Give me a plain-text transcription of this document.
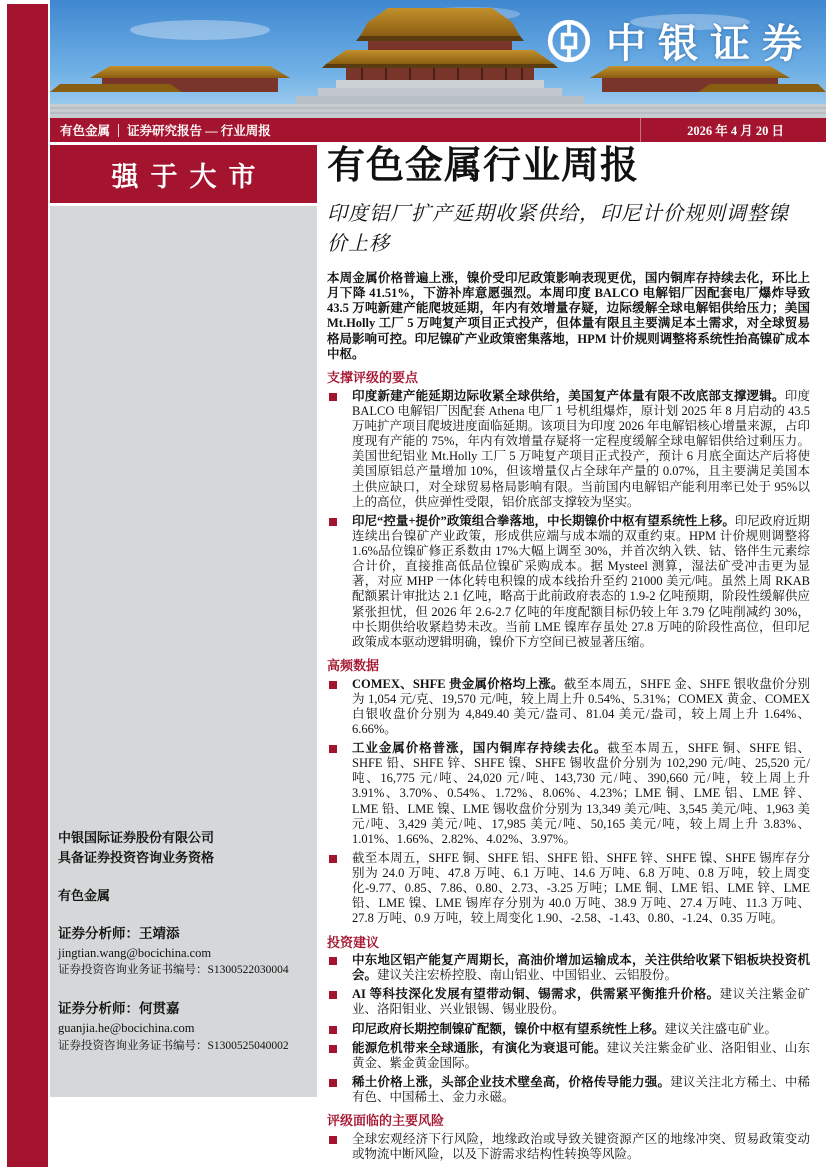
中银证券
有色金属 证券研究报告 — 行业周报	2026 年 4 月 20 日
强于大市
中银国际证券股份有限公司
具备证券投资咨询业务资格
有色金属
证券分析师：王靖添
jingtian.wang@bocichina.com
证券投资咨询业务证书编号：S1300522030004
证券分析师：何贯嘉
guanjia.he@bocichina.com
证券投资咨询业务证书编号：S1300525040002
有色金属行业周报
印度铝厂扩产延期收紧供给，印尼计价规则调整镍价上移

本周金属价格普遍上涨，镍价受印尼政策影响表现更优，国内铜库存持续去化，环比上月下降 41.51%，下游补库意愿强烈。本周印度 BALCO 电解铝厂因配套电厂爆炸导致 43.5 万吨新建产能爬坡延期，年内有效增量存疑，边际缓解全球电解铝供给压力；美国 Mt.Holly 工厂 5 万吨复产项目正式投产，但体量有限且主要满足本土需求，对全球贸易格局影响可控。印尼镍矿产业政策密集落地，HPM 计价规则调整将系统性抬高镍矿成本中枢。

支撑评级的要点
印度新建产能延期边际收紧全球供给，美国复产体量有限不改底部支撑逻辑。印度 BALCO 电解铝厂因配套 Athena 电厂 1 号机组爆炸，原计划 2025 年 8 月启动的 43.5 万吨扩产项目爬坡进度面临延期。该项目为印度 2026 年电解铝核心增量来源，占印度现有产能的 75%，年内有效增量存疑将一定程度缓解全球电解铝供给过剩压力。美国世纪铝业 Mt.Holly 工厂 5 万吨复产项目正式投产，预计 6 月底全面达产后将使美国原铝总产量增加 10%，但该增量仅占全球年产量的 0.07%，且主要满足美国本土供应缺口，对全球贸易格局影响有限。当前国内电解铝产能利用率已处于 95%以上的高位，供应弹性受限，铝价底部支撑较为坚实。
印尼“控量+提价”政策组合拳落地，中长期镍价中枢有望系统性上移。印尼政府近期连续出台镍矿产业政策，形成供应端与成本端的双重约束。HPM 计价规则调整将 1.6%品位镍矿修正系数由 17%大幅上调至 30%，并首次纳入铁、钴、铬伴生元素综合计价，直接推高低品位镍矿采购成本。据 Mysteel 测算，湿法矿受冲击更为显著，对应 MHP 一体化转电积镍的成本线抬升至约 21000 美元/吨。虽然上周 RKAB 配额累计审批达 2.1 亿吨，略高于此前政府表态的 1.9-2 亿吨预期，阶段性缓解供应紧张担忧，但 2026 年 2.6-2.7 亿吨的年度配额目标仍较上年 3.79 亿吨削减约 30%，中长期供给收紧趋势未改。当前 LME 镍库存虽处 27.8 万吨的阶段性高位，但印尼政策成本驱动逻辑明确，镍价下方空间已被显著压缩。
高频数据
COMEX、SHFE 贵金属价格均上涨。截至本周五，SHFE 金、SHFE 银收盘价分别为 1,054 元/克、19,570 元/吨，较上周上升 0.54%、5.31%；COMEX 黄金、COMEX 白银收盘价分别为 4,849.40 美元/盎司、81.04 美元/盎司，较上周上升 1.64%、6.66%。
工业金属价格普涨，国内铜库存持续去化。截至本周五，SHFE 铜、SHFE 铝、SHFE 铅、SHFE 锌、SHFE 镍、SHFE 锡收盘价分别为 102,290 元/吨、25,520 元/吨、16,775 元/吨、24,020 元/吨、143,730 元/吨、390,660 元/吨，较上周上升 3.91%、3.70%、0.54%、1.72%、8.06%、4.23%；LME 铜、LME 铝、LME 锌、LME 铅、LME 镍、LME 锡收盘价分别为 13,349 美元/吨、3,545 美元/吨、1,963 美元/吨、3,429 美元/吨、17,985 美元/吨、50,165 美元/吨，较上周上升 3.83%、1.01%、1.66%、2.82%、4.02%、3.97%。
截至本周五，SHFE 铜、SHFE 铝、SHFE 铅、SHFE 锌、SHFE 镍、SHFE 锡库存分别为 24.0 万吨、47.8 万吨、6.1 万吨、14.6 万吨、6.8 万吨、0.8 万吨，较上周变化-9.77、0.85、7.86、0.80、2.73、-3.25 万吨；LME 铜、LME 铝、LME 锌、LME 铅、LME 镍、LME 锡库存分别为 40.0 万吨、38.9 万吨、27.4 万吨、11.3 万吨、27.8 万吨、0.9 万吨，较上周变化 1.90、-2.58、-1.43、0.80、-1.24、0.35 万吨。
投资建议
中东地区铝产能复产周期长，高油价增加运输成本，关注供给收紧下铝板块投资机会。建议关注宏桥控股、南山铝业、中国铝业、云铝股份。
AI 等科技深化发展有望带动铜、锡需求，供需紧平衡推升价格。建议关注紫金矿业、洛阳钼业、兴业银锡、锡业股份。
印尼政府长期控制镍矿配额，镍价中枢有望系统性上移。建议关注盛屯矿业。
能源危机带来全球通胀，有演化为衰退可能。建议关注紫金矿业、洛阳钼业、山东黄金、紫金黄金国际。
稀土价格上涨，头部企业技术壁垒高，价格传导能力强。建议关注北方稀土、中稀有色、中国稀土、金力永磁。
评级面临的主要风险
全球宏观经济下行风险，地缘政治或导致关键资源产区的地缘冲突、贸易政策变动或物流中断风险，以及下游需求结构性转换等风险。
